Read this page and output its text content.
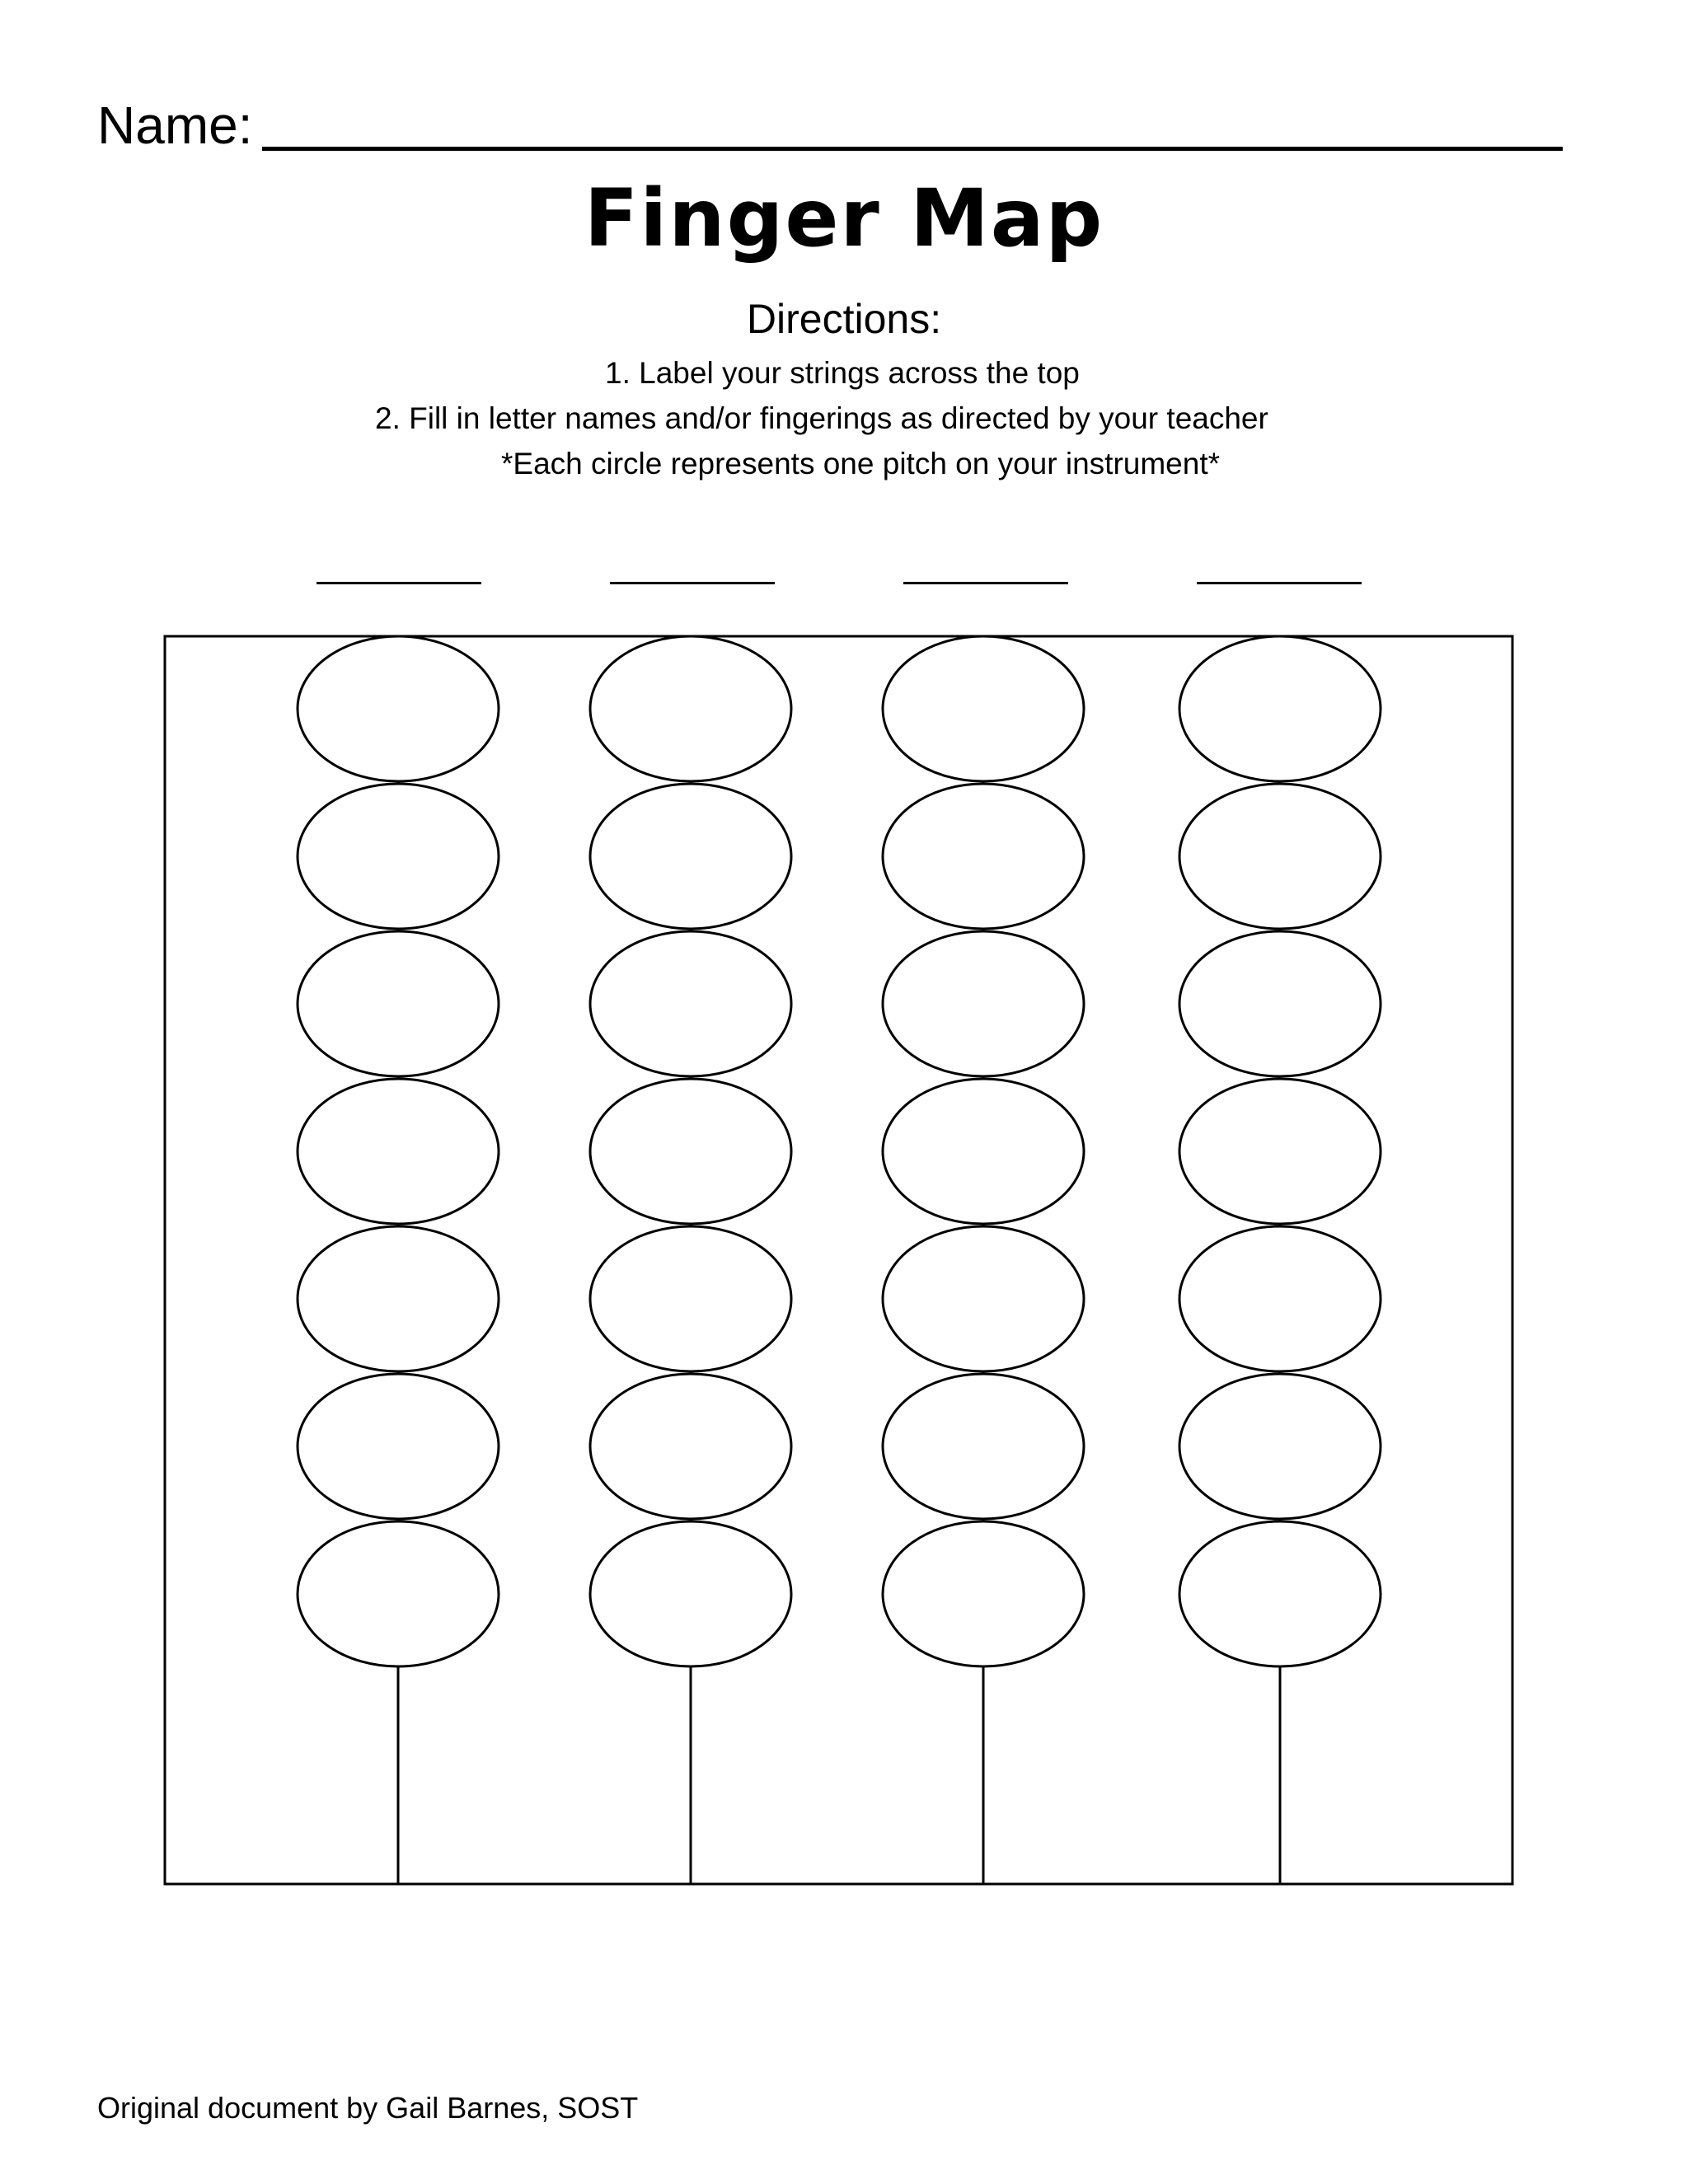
Name:
Finger Map
Directions:
1. Label your strings across the top
2. Fill in letter names and/or fingerings as directed by your teacher
*Each circle represents one pitch on your instrument*
Original document by Gail Barnes, SOST
